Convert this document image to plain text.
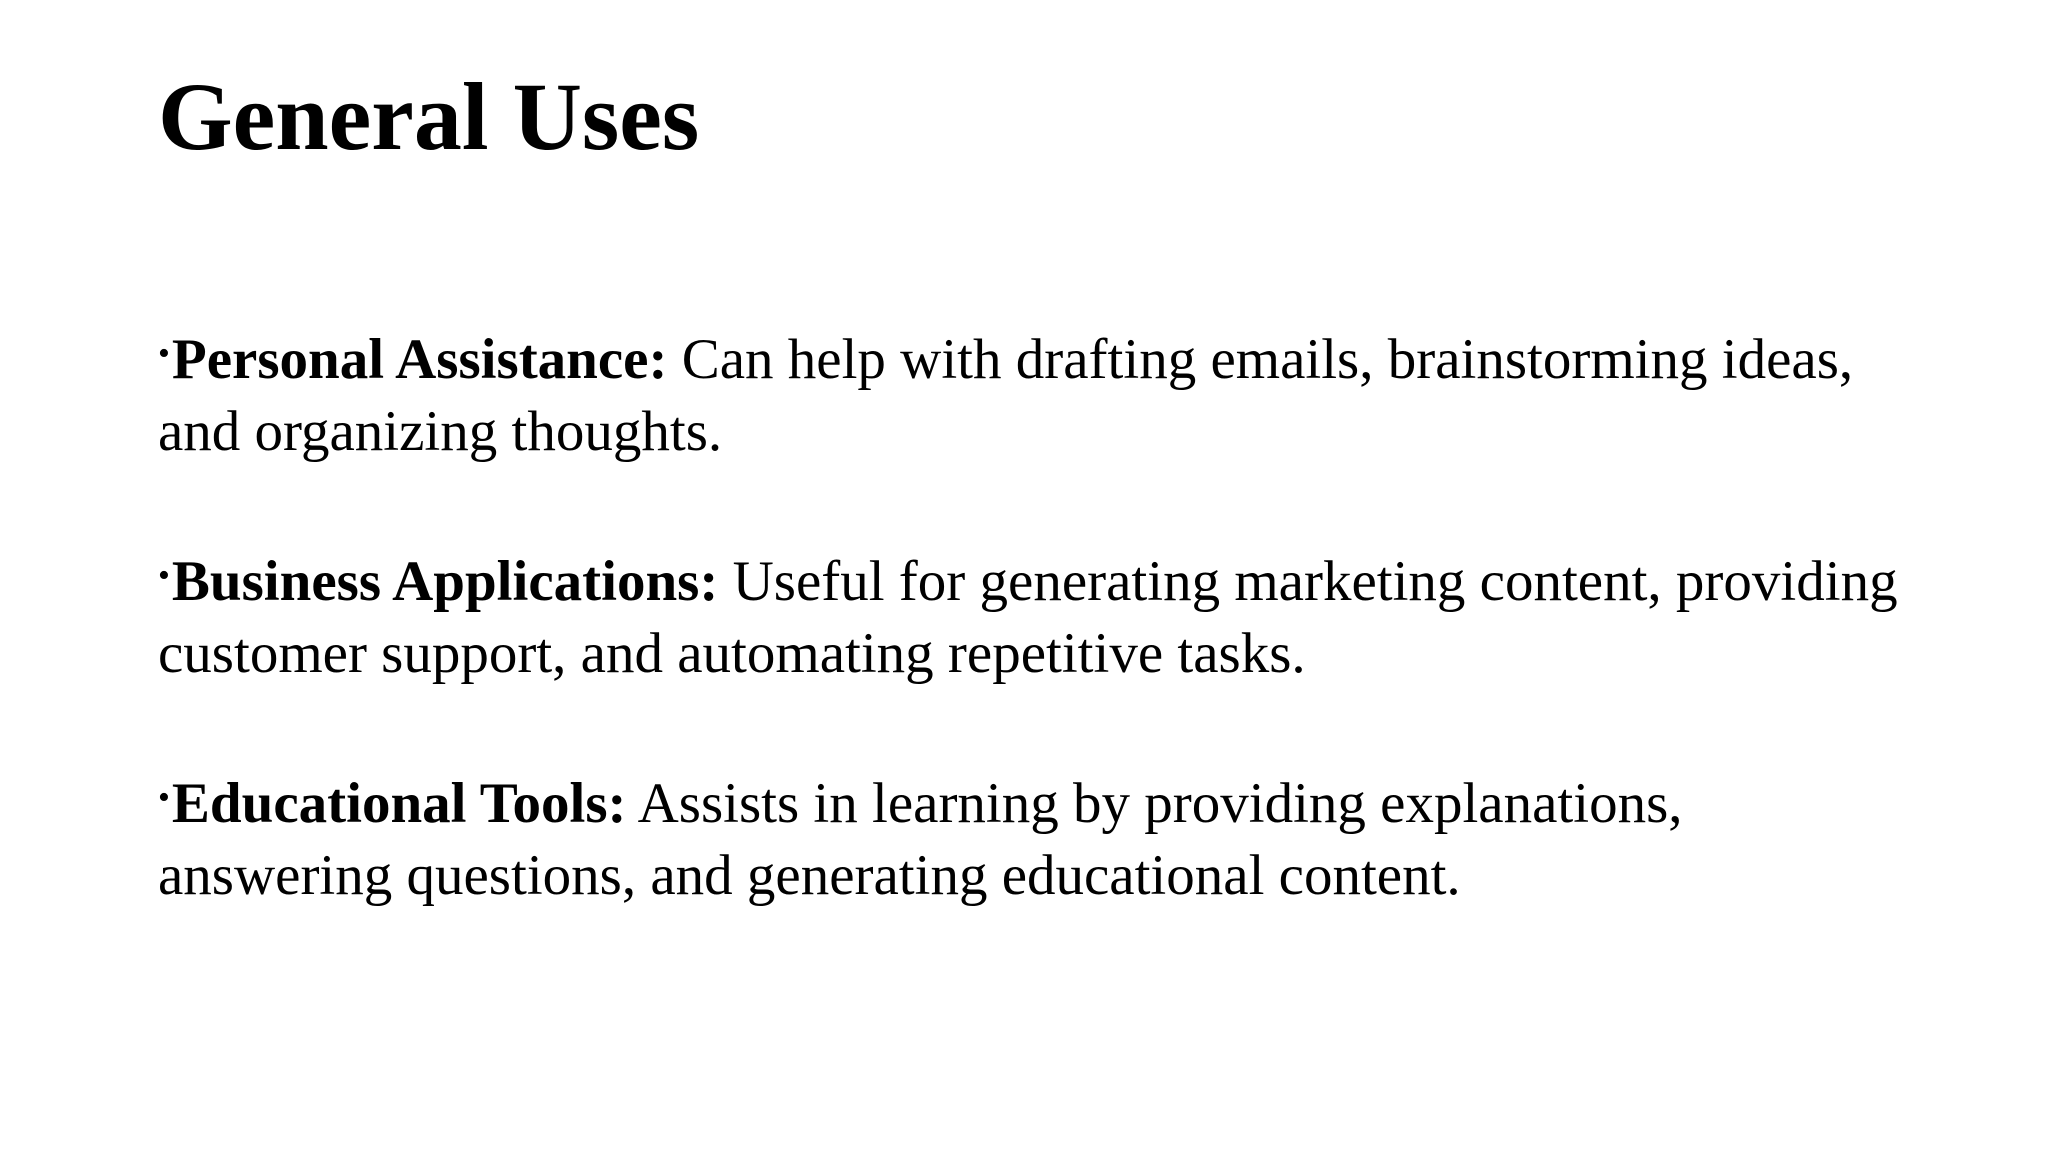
General Uses
•Personal Assistance: Can help with drafting emails, brainstorming ideas, and organizing thoughts.
•Business Applications: Useful for generating marketing content, providing customer support, and automating repetitive tasks.
•Educational Tools: Assists in learning by providing explanations, answering questions, and generating educational content.
